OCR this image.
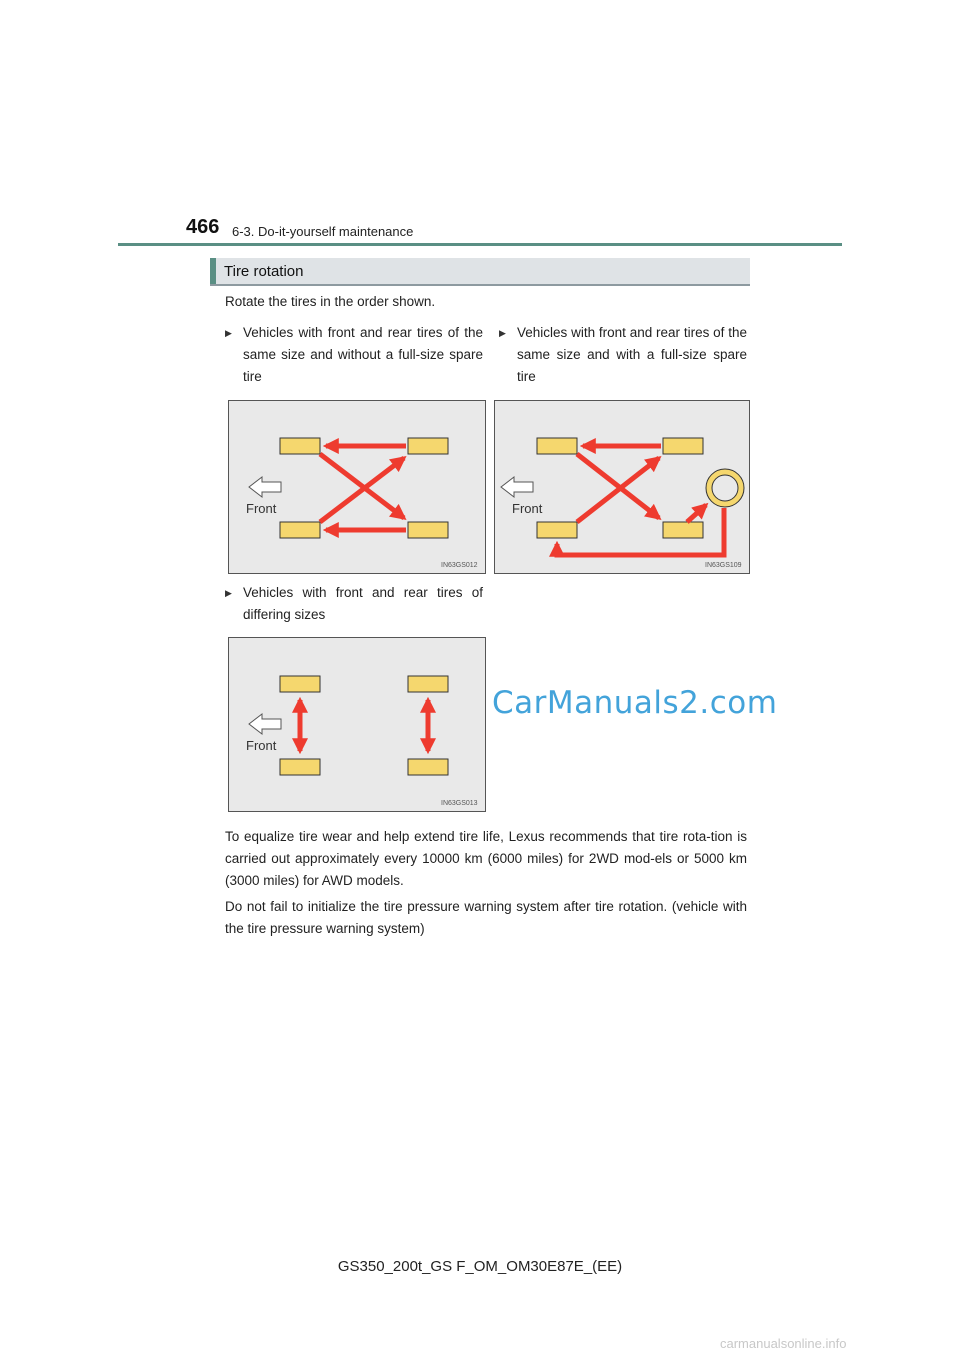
466 6-3. Do-it-yourself maintenance
Tire rotation
Rotate the tires in the order shown.
▶ Vehicles with front and rear tires of the same size and without a full-size spare tire
▶ Vehicles with front and rear tires of the same size and with a full-size spare tire
Front
IN63GS012
Front
IN63GS109
▶ Vehicles with front and rear tires of differing sizes
Front
IN63GS013
CarManuals2.com
To equalize tire wear and help extend tire life, Lexus recommends that tire rota-tion is carried out approximately every 10000 km (6000 miles) for 2WD mod-els or 5000 km (3000 miles) for AWD models.
Do not fail to initialize the tire pressure warning system after tire rotation. (vehicle with the tire pressure warning system)
GS350_200t_GS F_OM_OM30E87E_(EE)
carmanualsonline.info
